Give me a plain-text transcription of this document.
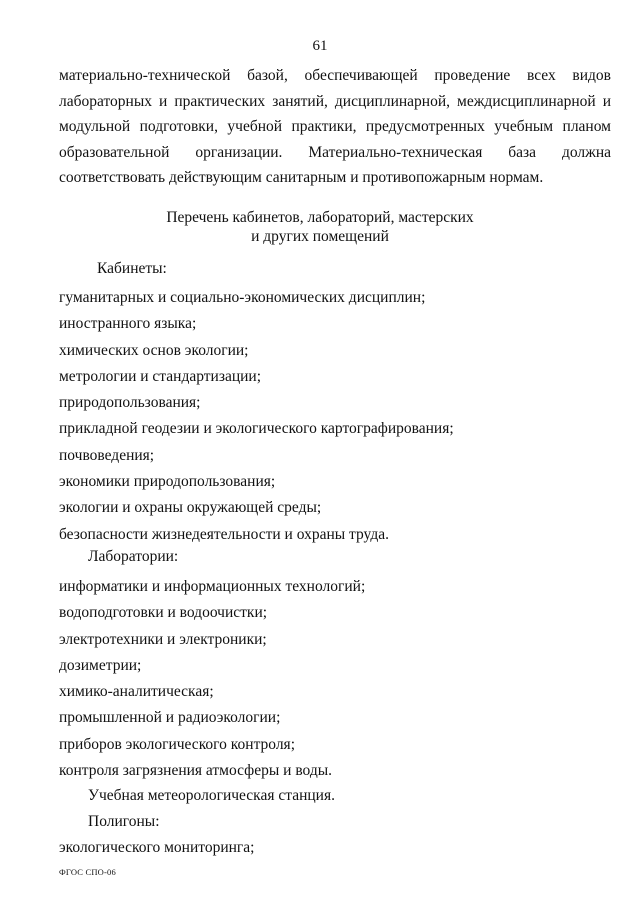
61
материально-технической базой, обеспечивающей проведение всех видов
лабораторных и практических занятий, дисциплинарной, междисциплинарной и
модульной подготовки, учебной практики, предусмотренных учебным планом
образовательной организации. Материально-техническая база должна
соответствовать действующим санитарным и противопожарным нормам.
Перечень кабинетов, лабораторий, мастерских
и других помещений
Кабинеты:
гуманитарных и социально-экономических дисциплин;
иностранного языка;
химических основ экологии;
метрологии и стандартизации;
природопользования;
прикладной геодезии и экологического картографирования;
почвоведения;
экономики природопользования;
экологии и охраны окружающей среды;
безопасности жизнедеятельности и охраны труда.
Лаборатории:
информатики и информационных технологий;
водоподготовки и водоочистки;
электротехники и электроники;
дозиметрии;
химико-аналитическая;
промышленной и радиоэкологии;
приборов экологического контроля;
контроля загрязнения атмосферы и воды.
Учебная метеорологическая станция.
Полигоны:
экологического мониторинга;
ФГОС СПО-06
